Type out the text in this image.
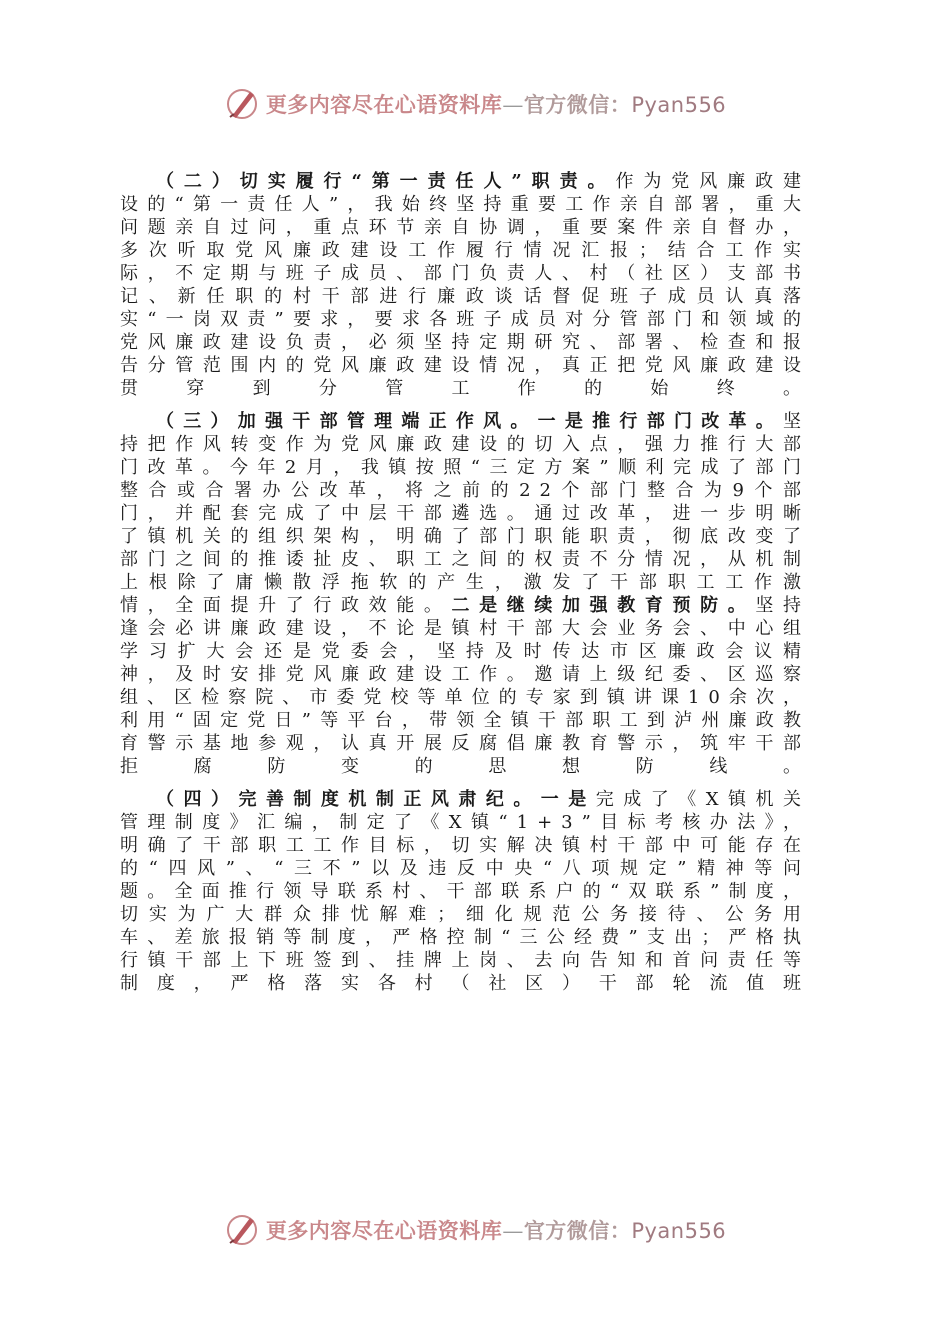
更多内容尽在心语资料库—官方微信：Pyan556

（二）切实履行“第一责任人”职责。作为党风廉政建设的“第一责任人”，我始终坚持重要工作亲自部署，重大问题亲自过问，重点环节亲自协调，重要案件亲自督办，多次听取党风廉政建设工作履行情况汇报；结合工作实际，不定期与班子成员、部门负责人、村（社区）支部书记、新任职的村干部进行廉政谈话督促班子成员认真落实“一岗双责”要求，要求各班子成员对分管部门和领域的党风廉政建设负责，必须坚持定期研究、部署、检查和报告分管范围内的党风廉政建设情况，真正把党风廉政建设贯穿到分管工作的始终。

（三）加强干部管理端正作风。一是推行部门改革。坚持把作风转变作为党风廉政建设的切入点，强力推行大部门改革。今年2月，我镇按照“三定方案”顺利完成了部门整合或合署办公改革，将之前的22个部门整合为9个部门，并配套完成了中层干部遴选。通过改革，进一步明晰了镇机关的组织架构，明确了部门职能职责，彻底改变了部门之间的推诿扯皮、职工之间的权责不分情况，从机制上根除了庸懒散浮拖软的产生，激发了干部职工工作激情，全面提升了行政效能。二是继续加强教育预防。坚持逢会必讲廉政建设，不论是镇村干部大会业务会、中心组学习扩大会还是党委会，坚持及时传达市区廉政会议精神，及时安排党风廉政建设工作。邀请上级纪委、区巡察组、区检察院、市委党校等单位的专家到镇讲课10余次，利用“固定党日”等平台，带领全镇干部职工到泸州廉政教育警示基地参观，认真开展反腐倡廉教育警示，筑牢干部拒腐防变的思想防线。

（四）完善制度机制正风肃纪。一是完成了《X镇机关管理制度》汇编，制定了《X镇“1+3”目标考核办法》，明确了干部职工工作目标，切实解决镇村干部中可能存在的“四风”、“三不”以及违反中央“八项规定”精神等问题。全面推行领导联系村、干部联系户的“双联系”制度，切实为广大群众排忧解难；细化规范公务接待、公务用车、差旅报销等制度，严格控制“三公经费”支出；严格执行镇干部上下班签到、挂牌上岗、去向告知和首问责任等制度，严格落实各村（社区）干部轮流值班

更多内容尽在心语资料库—官方微信：Pyan556
